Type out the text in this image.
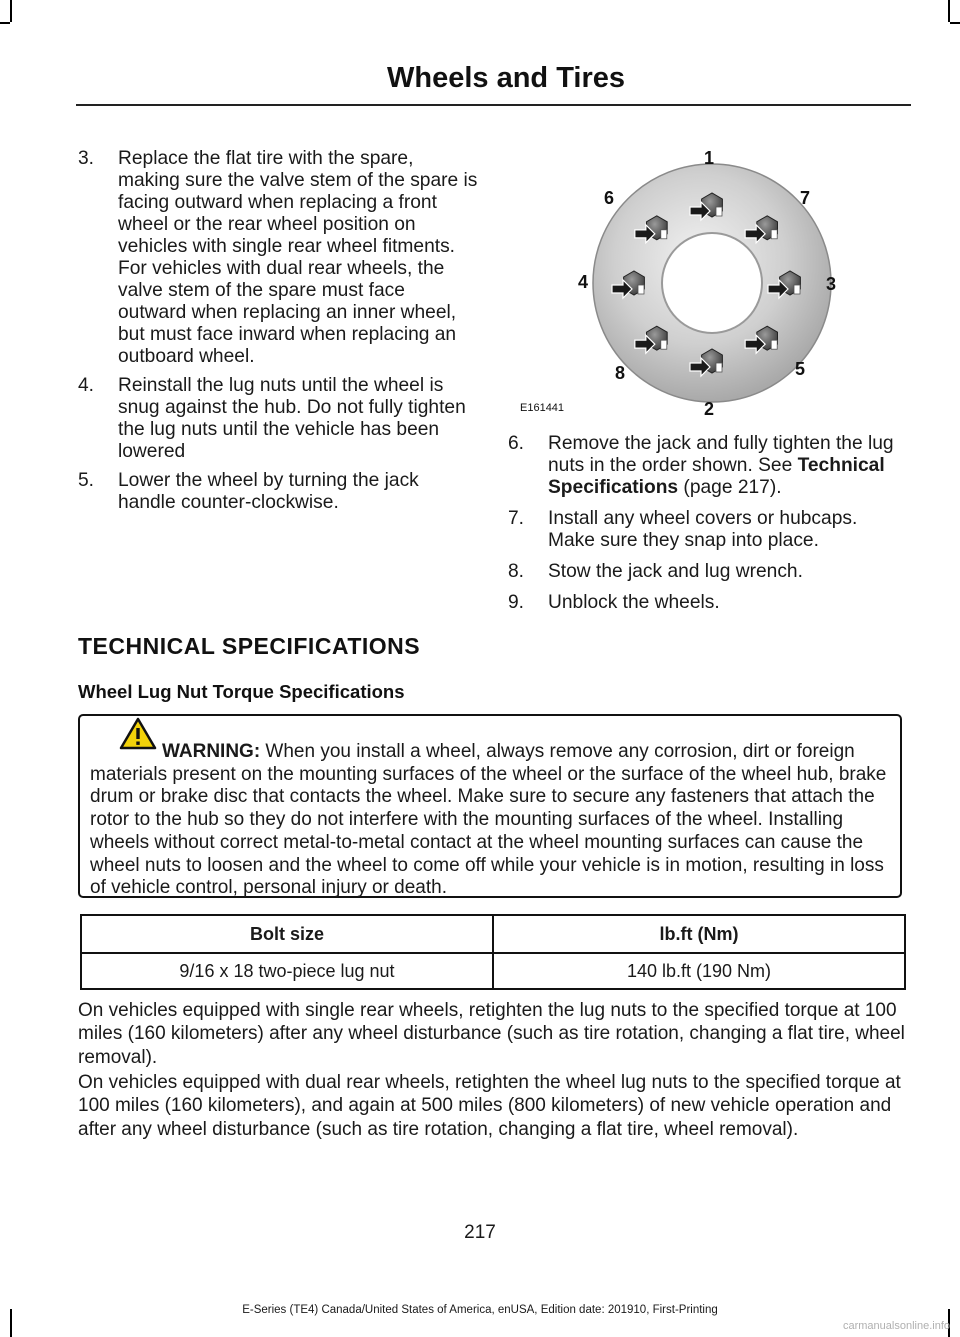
Wheels and Tires
3. Replace the flat tire with the spare, making sure the valve stem of the spare is facing outward when replacing a front wheel or the rear wheel position on vehicles with single rear wheel fitments. For vehicles with dual rear wheels, the valve stem of the spare must face outward when replacing an inner wheel, but must face inward when replacing an outboard wheel.
4. Reinstall the lug nuts until the wheel is snug against the hub. Do not fully tighten the lug nuts until the vehicle has been lowered
5. Lower the wheel by turning the jack handle counter-clockwise.
1
2
3
4
5
6	7
8
E161441
6. Remove the jack and fully tighten the lug nuts in the order shown. See Technical Specifications (page 217).
7. Install any wheel covers or hubcaps. Make sure they snap into place.
8. Stow the jack and lug wrench.
9. Unblock the wheels.
TECHNICAL SPECIFICATIONS
Wheel Lug Nut Torque Specifications
WARNING: When you install a wheel, always remove any corrosion, dirt or foreign materials present on the mounting surfaces of the wheel or the surface of the wheel hub, brake drum or brake disc that contacts the wheel. Make sure to secure any fasteners that attach the rotor to the hub so they do not interfere with the mounting surfaces of the wheel. Installing wheels without correct metal-to-metal contact at the wheel mounting surfaces can cause the wheel nuts to loosen and the wheel to come off while your vehicle is in motion, resulting in loss of vehicle control, personal injury or death.
Bolt size	lb.ft (Nm)
9/16 x 18 two-piece lug nut	140 lb.ft (190 Nm)

On vehicles equipped with single rear wheels, retighten the lug nuts to the specified torque at 100 miles (160 kilometers) after any wheel disturbance (such as tire rotation, changing a flat tire, wheel removal).

On vehicles equipped with dual rear wheels, retighten the wheel lug nuts to the specified torque at 100 miles (160 kilometers), and again at 500 miles (800 kilometers) of new vehicle operation and after any wheel disturbance (such as tire rotation, changing a flat tire, wheel removal).

217
E-Series (TE4) Canada/United States of America, enUSA, Edition date: 201910, First-Printing
carmanualsonline.info
